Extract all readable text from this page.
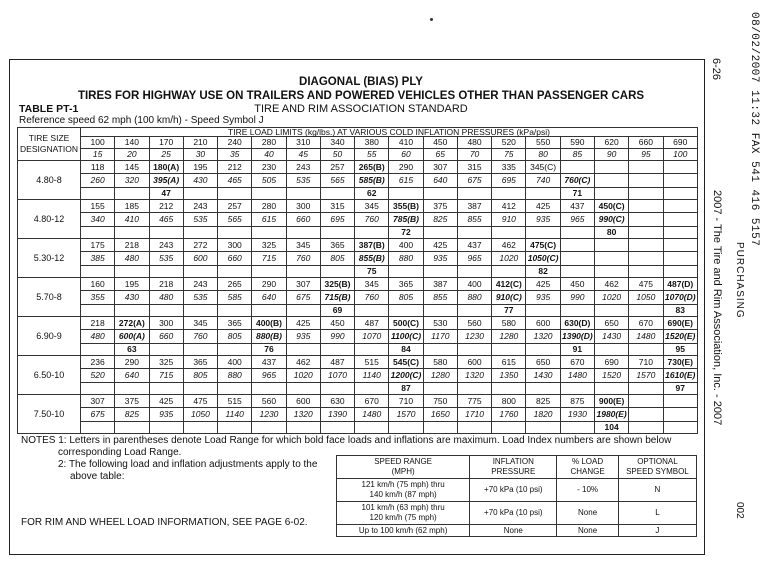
08/02/2007 11:32 FAX 541 416 5157
6-26
2007 - The Tire and Rim Association, Inc. - 2007 PURCHASING
002
DIAGONAL (BIAS) PLY
TIRES FOR HIGHWAY USE ON TRAILERS AND POWERED VEHICLES OTHER THAN PASSENGER CARS
TABLE PT-1	TIRE AND RIM ASSOCIATION STANDARD
Reference speed 62 mph (100 km/h) - Speed Symbol J
TIRE SIZE
DESIGNATION	TIRE LOAD LIMITS (kg/lbs.) AT VARIOUS COLD INFLATION PRESSURES (kPa/psi)																	
	100	140	170	210	240	280	310	340	380	410	450	480	520	550	590	620	660	690
	15	20	25	30	35	40	45	50	55	60	65	70	75	80	85	90	95	100
4.80-8	118	145	180(A)	195	212	230	243	257	265(B)	290	307	315	335	345(C)				
	260	320	395(A)	430	465	505	535	565	585(B)	615	640	675	695	740	760(C)			
			47						62						71			
4.80-12	155	185	212	243	257	280	300	315	345	355(B)	375	387	412	425	437	450(C)		
	340	410	465	535	565	615	660	695	760	785(B)	825	855	910	935	965	990(C)		
										72						80		
5.30-12	175	218	243	272	300	325	345	365	387(B)	400	425	437	462	475(C)				
	385	480	535	600	660	715	760	805	855(B)	880	935	965	1020	1050(C)				
									75					82				
5.70-8	160	195	218	243	265	290	307	325(B)	345	365	387	400	412(C)	425	450	462	475	487(D)
	355	430	480	535	585	640	675	715(B)	760	805	855	880	910(C)	935	990	1020	1050	1070(D)
								69					77					83
6.90-9	218	272(A)	300	345	365	400(B)	425	450	487	500(C)	530	560	580	600	630(D)	650	670	690(E)
	480	600(A)	660	760	805	880(B)	935	990	1070	1100(C)	1170	1230	1280	1320	1390(D)	1430	1480	1520(E)
		63				76				84					91			95
6.50-10	236	290	325	365	400	437	462	487	515	545(C)	580	600	615	650	670	690	710	730(E)
	520	640	715	805	880	965	1020	1070	1140	1200(C)	1280	1320	1350	1430	1480	1520	1570	1610(E)
										87								97
7.50-10	307	375	425	475	515	560	600	630	670	710	750	775	800	825	875	900(E)		
	675	825	935	1050	1140	1230	1320	1390	1480	1570	1650	1710	1760	1820	1930	1980(E)		
																104		
NOTES 1: Letters in parentheses denote Load Range for which bold face loads and inflations are maximum. Load Index numbers are shown below
corresponding Load Range.
2: The following load and inflation adjustments apply to the
above table:
FOR RIM AND WHEEL LOAD INFORMATION, SEE PAGE 6-02.
SPEED RANGE
(MPH)	INFLATION
PRESSURE	% LOAD
CHANGE	OPTIONAL
SPEED SYMBOL
121 km/h (75 mph) thru
140 km/h (87 mph)	+70 kPa (10 psi)	- 10%	N
101 km/h (63 mph) thru
120 km/h (75 mph)	+70 kPa (10 psi)	None	L
Up to 100 km/h (62 mph)	None	None	J
